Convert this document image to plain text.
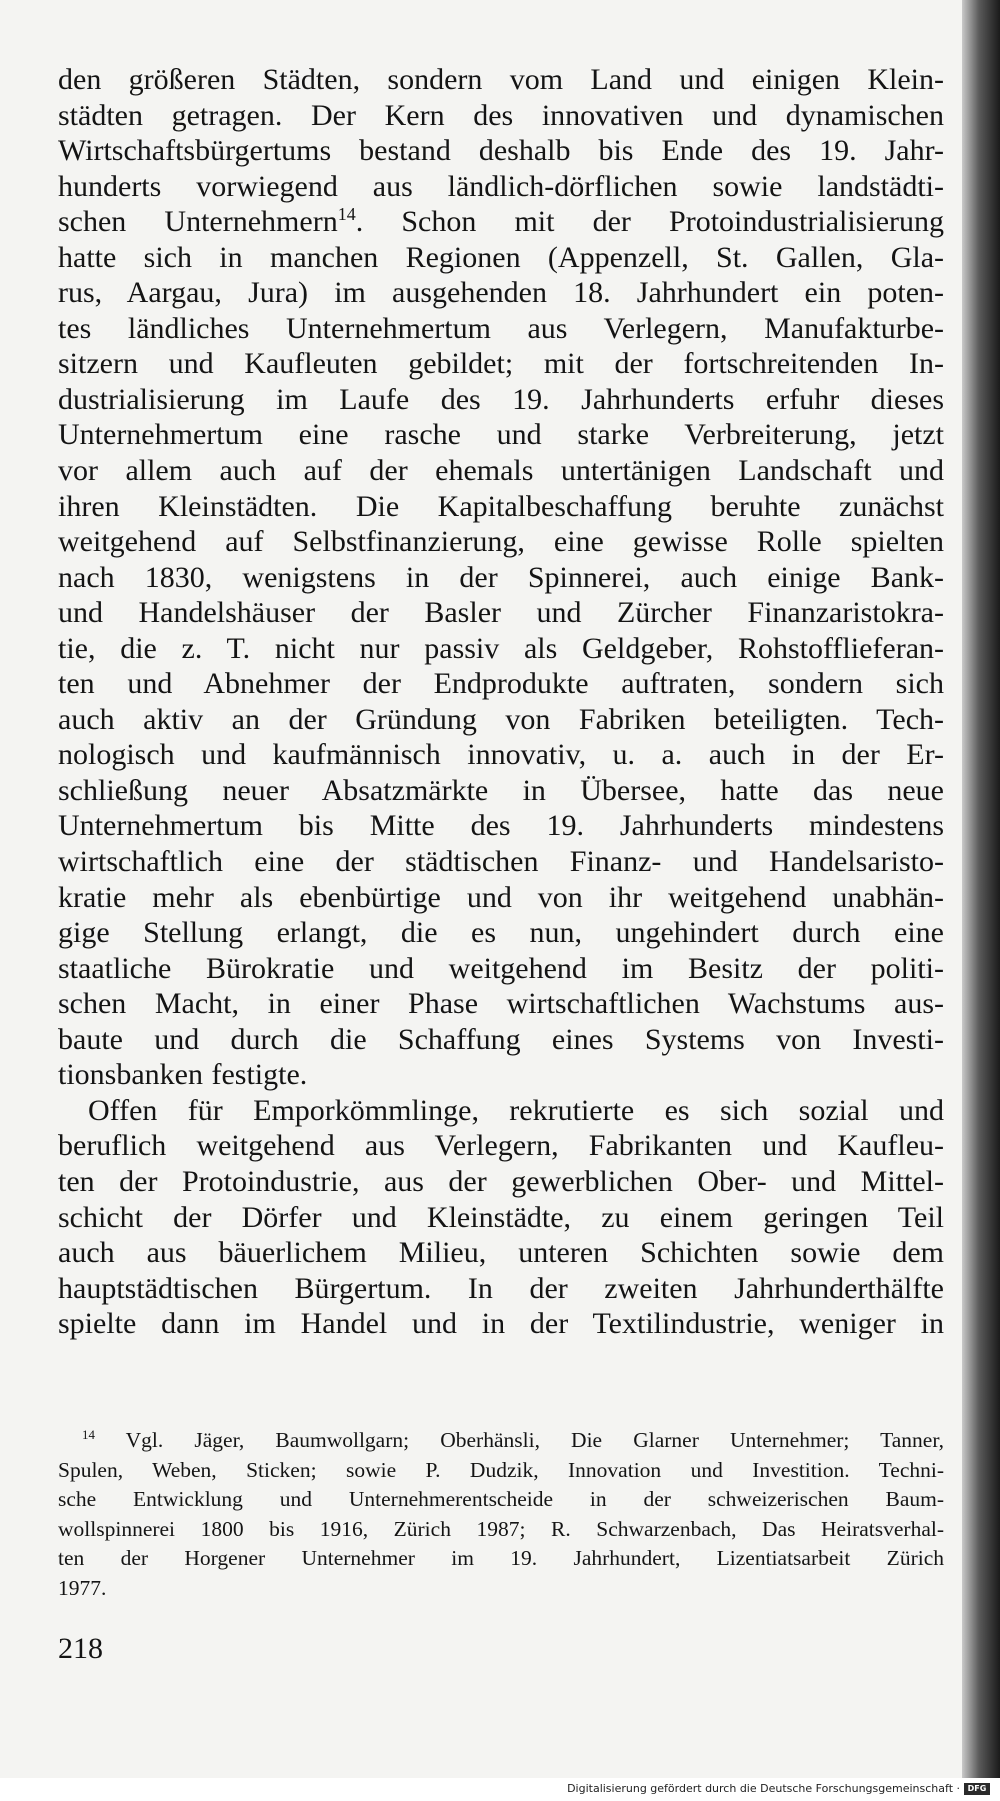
den größeren Städten, sondern vom Land und einigen Klein-
städten getragen. Der Kern des innovativen und dynamischen
Wirtschaftsbürgertums bestand deshalb bis Ende des 19. Jahr-
hunderts vorwiegend aus ländlich-dörflichen sowie landstädti-
schen Unternehmern$^{14}$. Schon mit der Protoindustrialisierung
hatte sich in manchen Regionen (Appenzell, St. Gallen, Gla-
rus, Aargau, Jura) im ausgehenden 18. Jahrhundert ein poten-
tes ländliches Unternehmertum aus Verlegern, Manufakturbe-
sitzern und Kaufleuten gebildet; mit der fortschreitenden In-
dustrialisierung im Laufe des 19. Jahrhunderts erfuhr dieses
Unternehmertum eine rasche und starke Verbreiterung, jetzt
vor allem auch auf der ehemals untertänigen Landschaft und
ihren Kleinstädten. Die Kapitalbeschaffung beruhte zunächst
weitgehend auf Selbstfinanzierung, eine gewisse Rolle spielten
nach 1830, wenigstens in der Spinnerei, auch einige Bank-
und Handelshäuser der Basler und Zürcher Finanzaristokra-
tie, die z. T. nicht nur passiv als Geldgeber, Rohstofflieferan-
ten und Abnehmer der Endprodukte auftraten, sondern sich
auch aktiv an der Gründung von Fabriken beteiligten. Tech-
nologisch und kaufmännisch innovativ, u. a. auch in der Er-
schließung neuer Absatzmärkte in Übersee, hatte das neue
Unternehmertum bis Mitte des 19. Jahrhunderts mindestens
wirtschaftlich eine der städtischen Finanz- und Handelsaristo-
kratie mehr als ebenbürtige und von ihr weitgehend unabhän-
gige Stellung erlangt, die es nun, ungehindert durch eine
staatliche Bürokratie und weitgehend im Besitz der politi-
schen Macht, in einer Phase wirtschaftlichen Wachstums aus-
baute und durch die Schaffung eines Systems von Investi-
tionsbanken festigte.
Offen für Emporkömmlinge, rekrutierte es sich sozial und
beruflich weitgehend aus Verlegern, Fabrikanten und Kaufleu-
ten der Protoindustrie, aus der gewerblichen Ober- und Mittel-
schicht der Dörfer und Kleinstädte, zu einem geringen Teil
auch aus bäuerlichem Milieu, unteren Schichten sowie dem
hauptstädtischen Bürgertum. In der zweiten Jahrhunderthälfte
spielte dann im Handel und in der Textilindustrie, weniger in
$^{14}$ Vgl. Jäger, Baumwollgarn; Oberhänsli, Die Glarner Unternehmer; Tanner,
Spulen, Weben, Sticken; sowie P. Dudzik, Innovation und Investition. Techni-
sche Entwicklung und Unternehmerentscheide in der schweizerischen Baum-
wollspinnerei 1800 bis 1916, Zürich 1987; R. Schwarzenbach, Das Heiratsverhal-
ten der Horgener Unternehmer im 19. Jahrhundert, Lizentiatsarbeit Zürich
1977.
218
Digitalisierung gefördert durch die Deutsche Forschungsgemeinschaft · DFG
